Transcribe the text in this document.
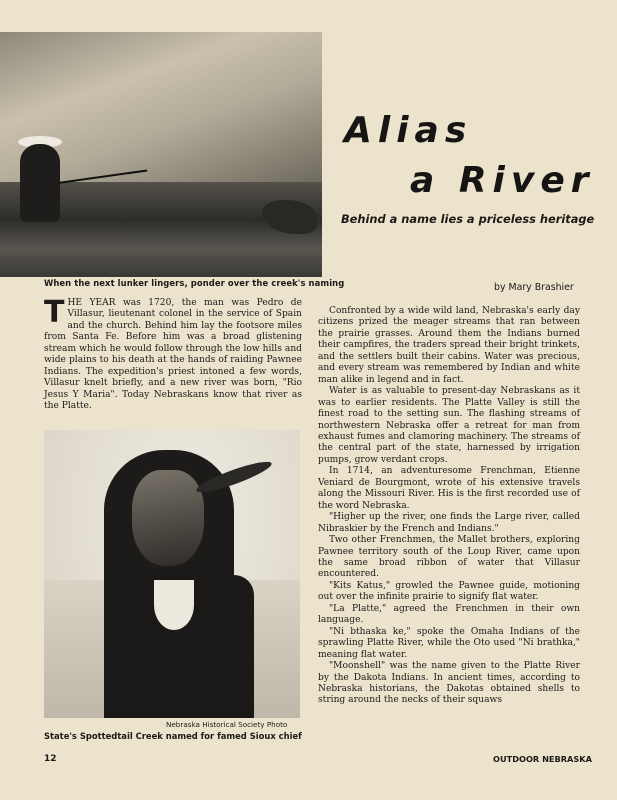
When the next lunker lingers, ponder over the creek's naming
Alias
a River
Behind a name lies a priceless heritage
by Mary Brashier

THE YEAR was 1720, the man was Pedro de Villasur, lieutenant colonel in the service of Spain and the church. Behind him lay the footsore miles from Santa Fe. Before him was a broad glistening stream which he would follow through the low hills and wide plains to his death at the hands of raiding Pawnee Indians. The expedition's priest intoned a few words, Villasur knelt briefly, and a new river was born, "Rio Jesus Y Maria". Today Nebraskans know that river as the Platte.

Nebraska Historical Society Photo
State's Spottedtail Creek named for famed Sioux chief

Confronted by a wide wild land, Nebraska's early day citizens prized the meager streams that ran between the prairie grasses. Around them the Indians burned their campfires, the traders spread their bright trinkets, and the settlers built their cabins. Water was precious, and every stream was remembered by Indian and white man alike in legend and in fact.

Water is as valuable to present-day Nebraskans as it was to earlier residents. The Platte Valley is still the finest road to the setting sun. The flashing streams of northwestern Nebraska offer a retreat for man from exhaust fumes and clamoring machinery. The streams of the central part of the state, harnessed by irrigation pumps, grow verdant crops.

In 1714, an adventuresome Frenchman, Etienne Veniard de Bourgmont, wrote of his extensive travels along the Missouri River. His is the first recorded use of the word Nebraska.

"Higher up the river, one finds the Large river, called Nibraskier by the French and Indians."

Two other Frenchmen, the Mallet brothers, exploring Pawnee territory south of the Loup River, came upon the same broad ribbon of water that Villasur encountered.

"Kits Katus," growled the Pawnee guide, motioning out over the infinite prairie to signify flat water.

"La Platte," agreed the Frenchmen in their own language.

"Ni bthaska ke," spoke the Omaha Indians of the sprawling Platte River, while the Oto used "Ni brathka," meaning flat water.

"Moonshell" was the name given to the Platte River by the Dakota Indians. In ancient times, according to Nebraska historians, the Dakotas obtained shells to string around the necks of their squaws

12	OUTDOOR NEBRASKA
